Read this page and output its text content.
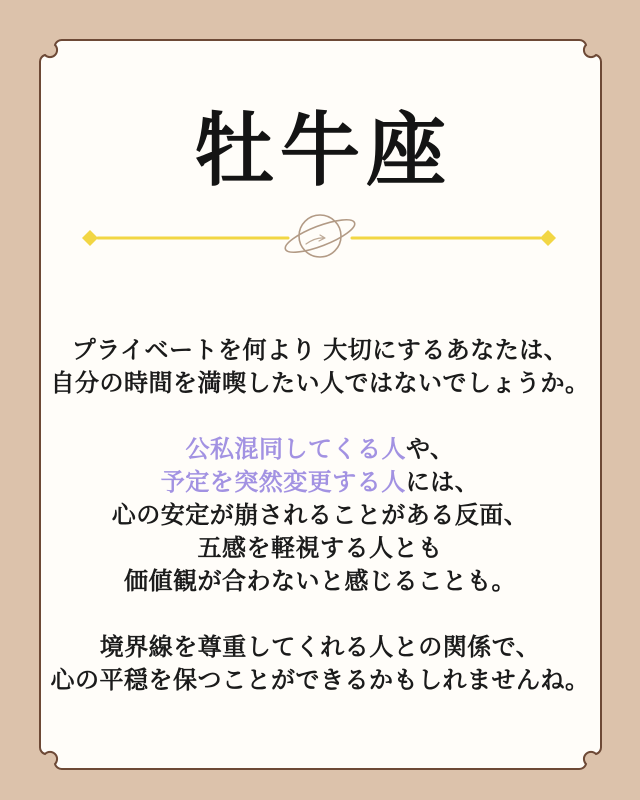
牡牛座
プライベートを何より 大切にするあなたは、
自分の時間を満喫したい人ではないでしょうか。
公私混同してくる人や、
予定を突然変更する人には、
心の安定が崩されることがある反面、
五感を軽視する人とも
価値観が合わないと感じることも。
境界線を尊重してくれる人との関係で、
心の平穏を保つことができるかもしれませんね。
